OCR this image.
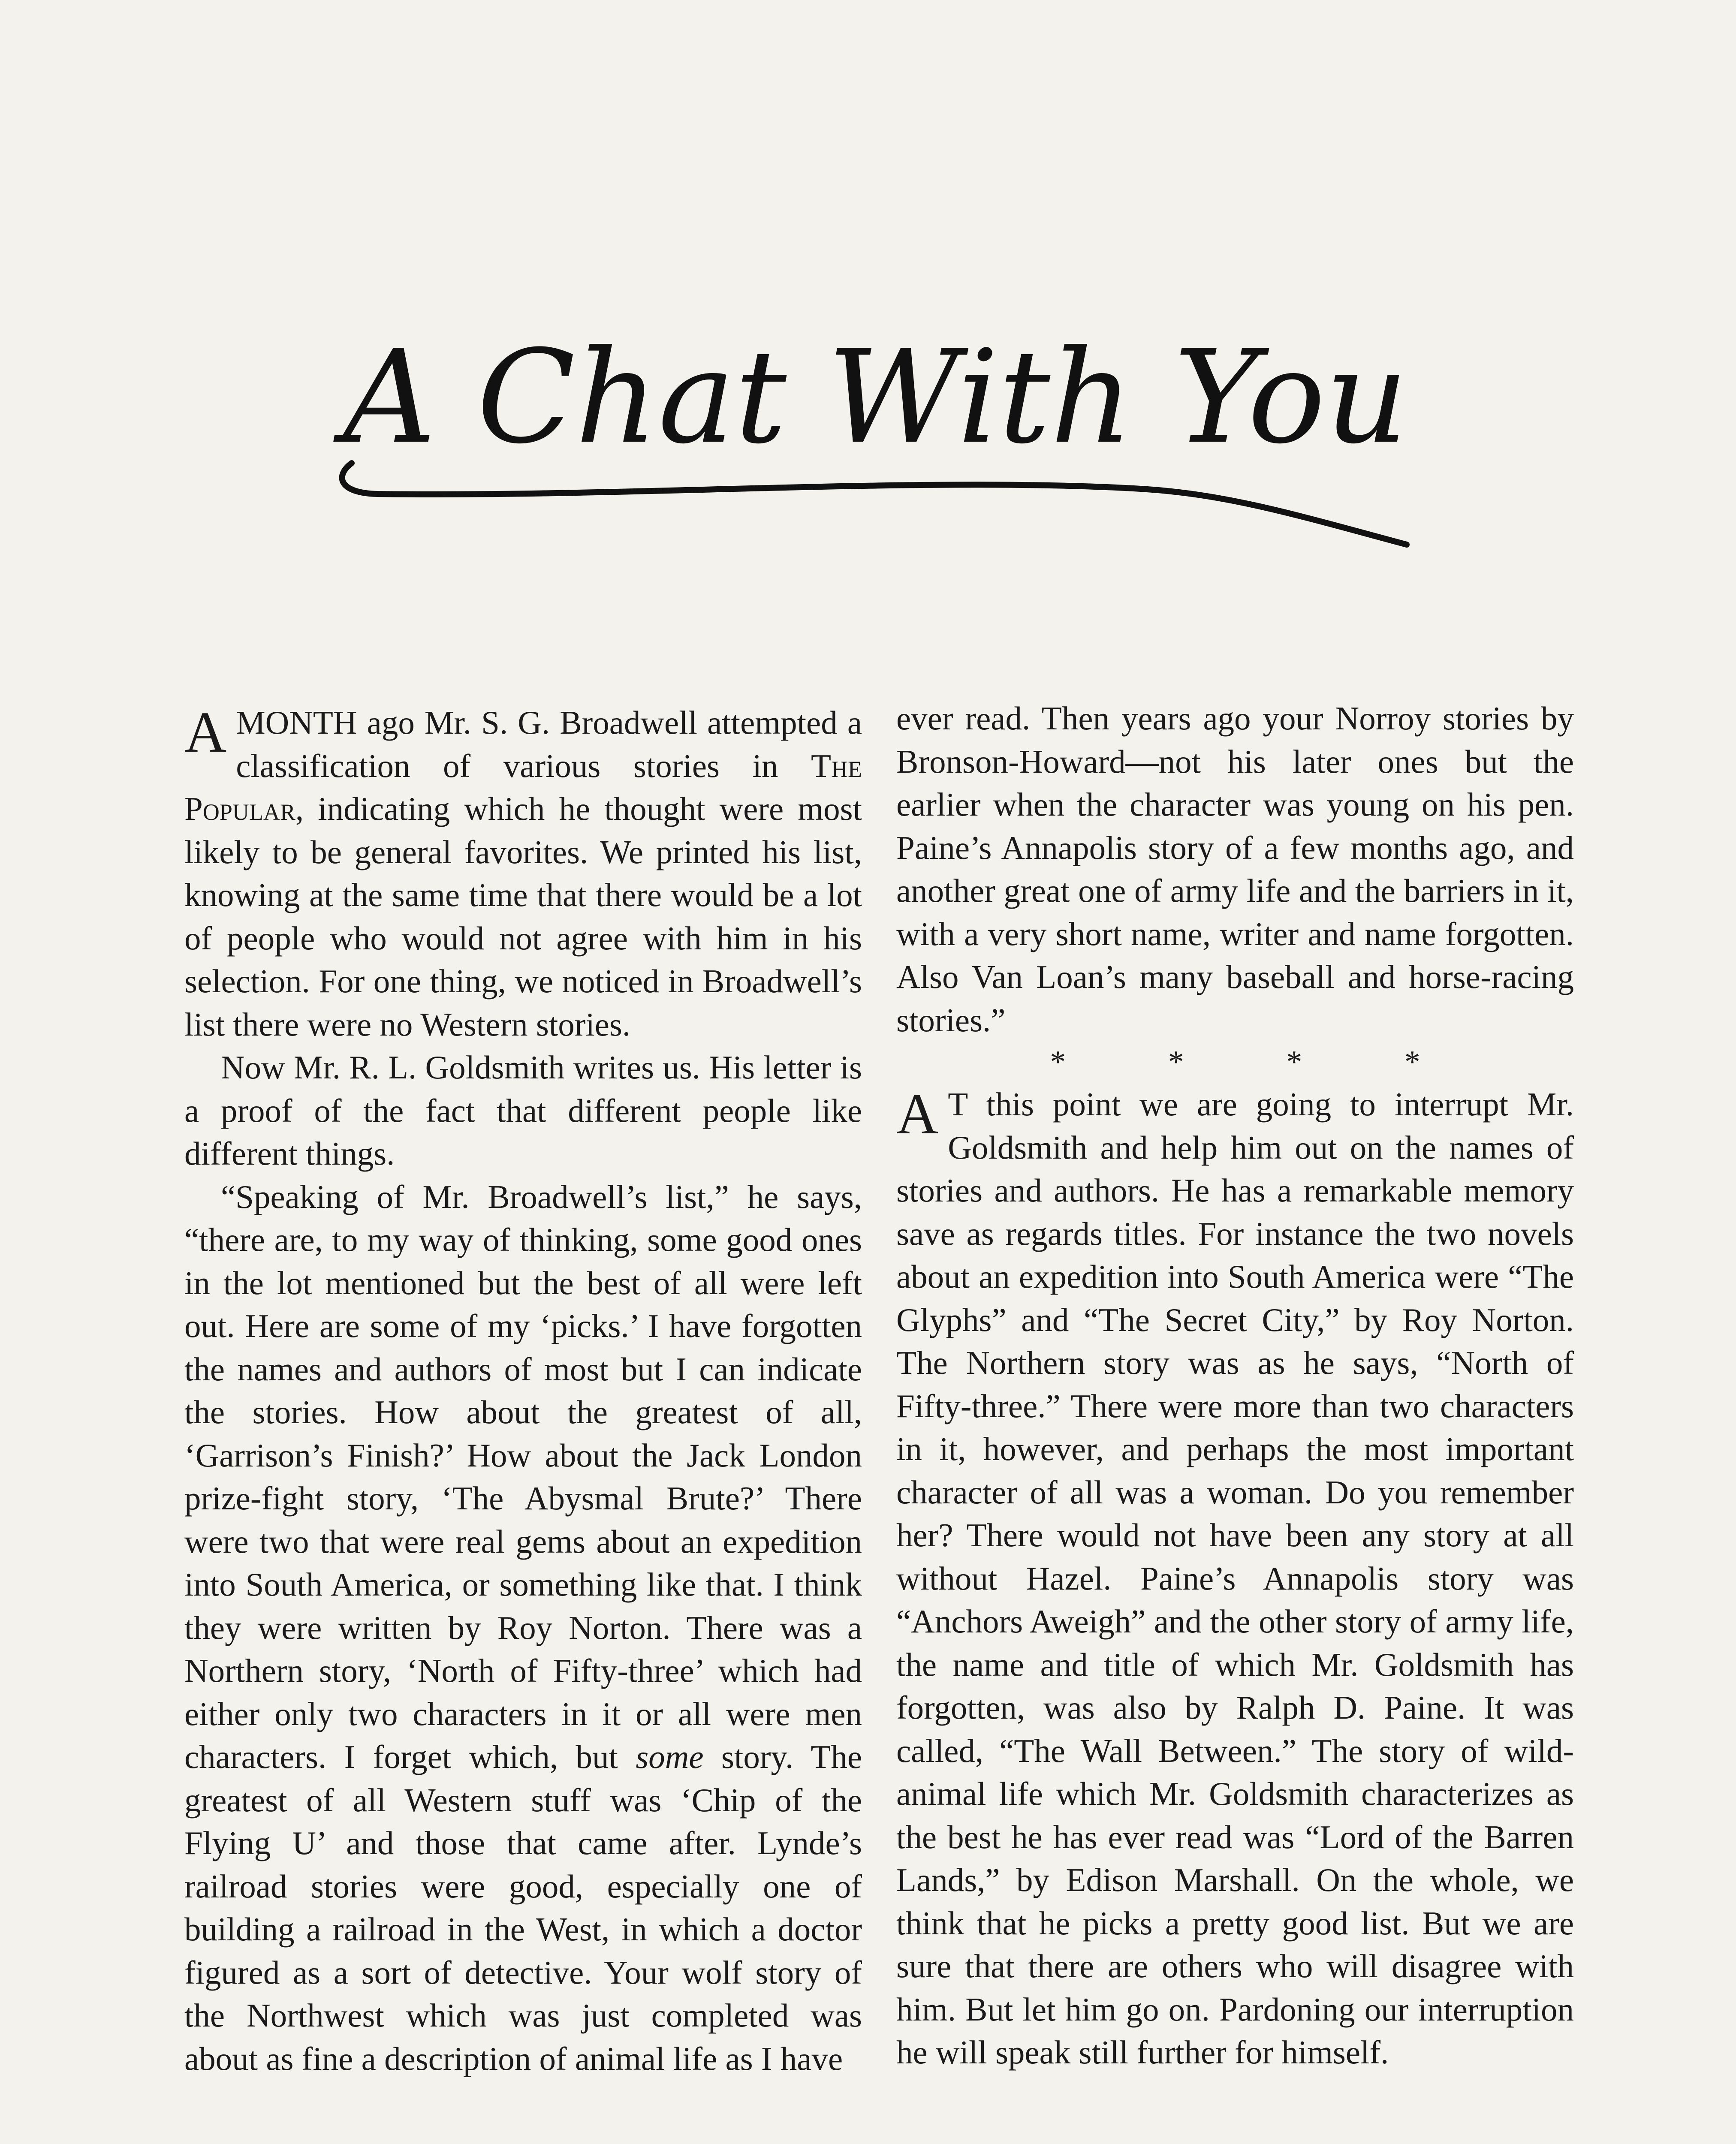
A Chat With You

AMONTH ago Mr. S. G. Broadwell attempted a classification of various stories in The Popular, indicating which he thought were most likely to be general favorites. We printed his list, knowing at the same time that there would be a lot of people who would not agree with him in his selection. For one thing, we noticed in Broadwell’s list there were no Western stories.

Now Mr. R. L. Goldsmith writes us. His letter is a proof of the fact that different people like different things.

“Speaking of Mr. Broadwell’s list,” he says, “there are, to my way of thinking, some good ones in the lot mentioned but the best of all were left out. Here are some of my ‘picks.’ I have forgotten the names and authors of most but I can indicate the stories. How about the greatest of all, ‘Garrison’s Finish?’ How about the Jack London prize-fight story, ‘The Abysmal Brute?’ There were two that were real gems about an expedition into South America, or something like that. I think they were written by Roy Norton. There was a Northern story, ‘North of Fifty-three’ which had either only two characters in it or all were men characters. I forget which, but some story. The greatest of all Western stuff was ‘Chip of the Flying U’ and those that came after. Lynde’s railroad stories were good, especially one of building a railroad in the West, in which a doctor figured as a sort of detective. Your wolf story of the Northwest which was just completed was about as fine a description of animal life as I have

ever read. Then years ago your Norroy stories by Bronson-Howard—not his later ones but the earlier when the character was young on his pen. Paine’s Annapolis story of a few months ago, and another great one of army life and the barriers in it, with a very short name, writer and name forgotten. Also Van Loan’s many baseball and horse-racing stories.”

* * * *

A T this point we are going to interrupt Mr. Goldsmith and help him out on the names of stories and authors. He has a remarkable memory save as regards titles. For instance the two novels about an expedition into South America were “The Glyphs” and “The Secret City,” by Roy Norton. The Northern story was as he says, “North of Fifty-three.” There were more than two characters in it, however, and perhaps the most important character of all was a woman. Do you remember her? There would not have been any story at all without Hazel. Paine’s Annapolis story was “Anchors Aweigh” and the other story of army life, the name and title of which Mr. Goldsmith has forgotten, was also by Ralph D. Paine. It was called, “The Wall Between.” The story of wild-animal life which Mr. Goldsmith characterizes as the best he has ever read was “Lord of the Barren Lands,” by Edison Marshall. On the whole, we think that he picks a pretty good list. But we are sure that there are others who will disagree with him. But let him go on. Pardoning our interruption he will speak still further for himself.
